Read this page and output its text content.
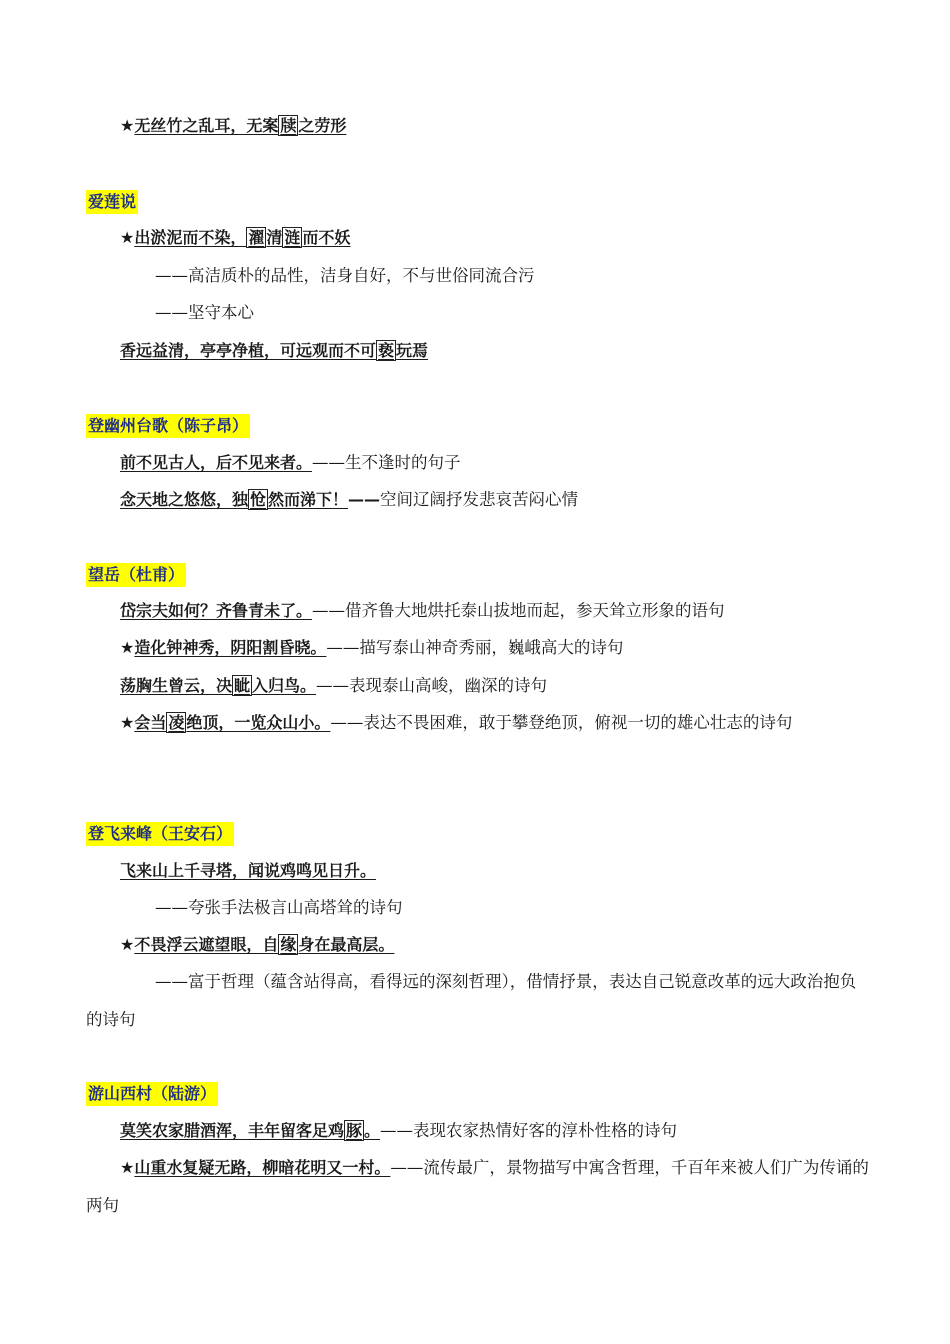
★无丝竹之乱耳，无案 牍 之劳形
爱莲说
★出淤泥而不染， 濯 清 涟 而不妖
——高洁质朴的品性，洁身自好，不与世俗同流合污
——坚守本心
香远益清，亭亭净植，可远观而不可 亵 玩焉
登幽州台歌（陈子昂）
前不见古人，后不见来者。——生不逢时的句子
念天地之悠悠，独 怆 然而涕下！——空间辽阔抒发悲哀苦闷心情
望岳（杜甫）
岱宗夫如何？齐鲁青未了。——借齐鲁大地烘托泰山拔地而起，参天耸立形象的语句
★造化钟神秀，阴阳割昏晓。——描写泰山神奇秀丽，巍峨高大的诗句
荡胸生曾云，决 眦 入归鸟。——表现泰山高峻，幽深的诗句
★会当 凌 绝顶，一览众山小。——表达不畏困难，敢于攀登绝顶，俯视一切的雄心壮志的诗句
登飞来峰（王安石）
飞来山上千寻塔，闻说鸡鸣见日升。
——夸张手法极言山高塔耸的诗句
★不畏浮云遮望眼，自 缘 身在最高层。
——富于哲理（蕴含站得高，看得远的深刻哲理），借情抒景，表达自己锐意改革的远大政治抱负的诗句
游山西村（陆游）
莫笑农家腊酒浑，丰年留客足鸡 豚 。——表现农家热情好客的淳朴性格的诗句
★山重水复疑无路，柳暗花明又一村。——流传最广，景物描写中寓含哲理，千百年来被人们广为传诵的两句
